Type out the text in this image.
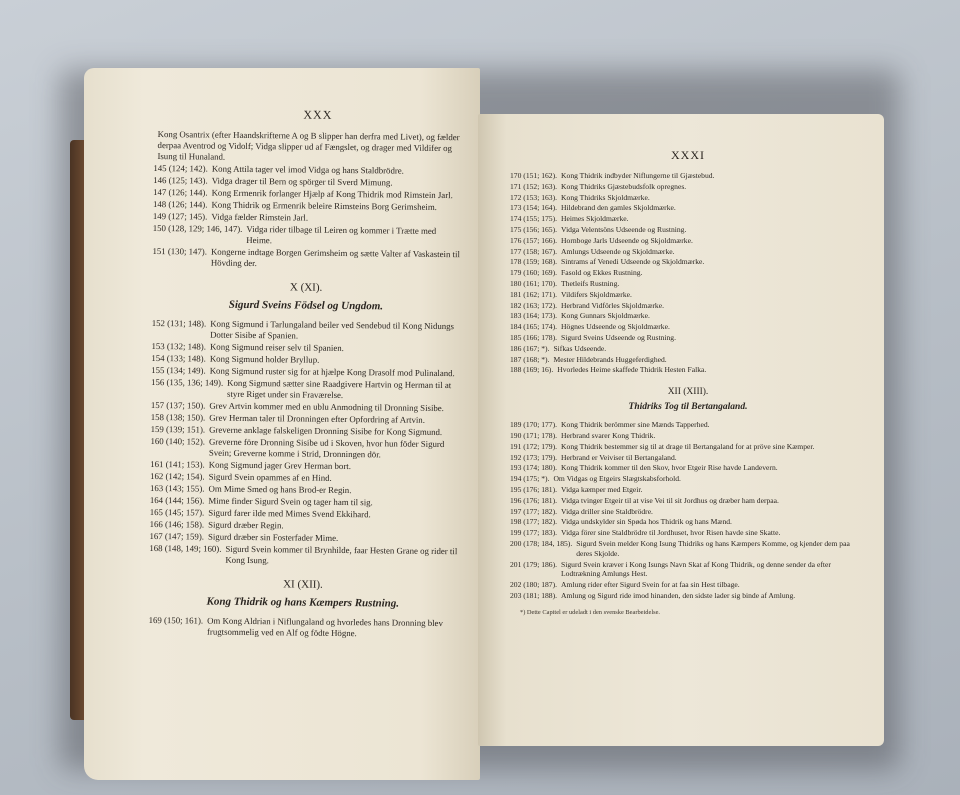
XXX
Kong Osantrix (efter Haandskrifterne A og B slipper han derfra med Livet), og fælder derpaa Aventrod og Vidolf; Vidga slipper ud af Fængslet, og drager med Vildifer og Isung til Hunaland.
145 (124; 142). Kong Attila tager vel imod Vidga og hans Staldbrödre.
146 (125; 143). Vidga drager til Bern og spörger til Sverd Mimung.
147 (126; 144). Kong Ermenrik forlanger Hjælp af Kong Thidrik mod Rimstein Jarl.
148 (126; 144). Kong Thidrik og Ermenrik beleire Rimsteins Borg Gerimsheim.
149 (127; 145). Vidga fælder Rimstein Jarl.
150 (128, 129; 146, 147). Vidga rider tilbage til Leiren og kommer i Trætte med Heime.
151 (130; 147). Kongerne indtage Borgen Gerimsheim og sætte Valter af Vaskastein til Hövding der.
X (XI).
Sigurd Sveins Födsel og Ungdom.
152 (131; 148). Kong Sigmund i Tarlungaland beiler ved Sendebud til Kong Nidungs Dotter Sisibe af Spanien.
153 (132; 148). Kong Sigmund reiser selv til Spanien.
154 (133; 148). Kong Sigmund holder Bryllup.
155 (134; 149). Kong Sigmund ruster sig for at hjælpe Kong Drasolf mod Pulinaland.
156 (135, 136; 149). Kong Sigmund sætter sine Raadgivere Hartvin og Herman til at styre Riget under sin Fraværelse.
157 (137; 150). Grev Artvin kommer med en ublu Anmodning til Dronning Sisibe.
158 (138; 150). Grev Herman taler til Dronningen efter Opfordring af Artvin.
159 (139; 151). Greverne anklage falskeligen Dronning Sisibe for Kong Sigmund.
160 (140; 152). Greverne före Dronning Sisibe ud i Skoven, hvor hun föder Sigurd Svein; Greverne komme i Strid, Dronningen dör.
161 (141; 153). Kong Sigmund jager Grev Herman bort.
162 (142; 154). Sigurd Svein opammes af en Hind.
163 (143; 155). Om Mime Smed og hans Brod-er Regin.
164 (144; 156). Mime finder Sigurd Svein og tager ham til sig.
165 (145; 157). Sigurd farer ilde med Mimes Svend Ekkihard.
166 (146; 158). Sigurd dræber Regin.
167 (147; 159). Sigurd dræber sin Fosterfader Mime.
168 (148, 149; 160). Sigurd Svein kommer til Brynhilde, faar Hesten Grane og rider til Kong Isung.
XI (XII).
Kong Thidrik og hans Kæmpers Rustning.
169 (150; 161). Om Kong Aldrian i Niflungaland og hvorledes hans Dronning blev frugtsommelig ved en Alf og födte Högne.
XXXI
170 (151; 162). Kong Thidrik indbyder Niflungerne til Gjæstebud.
171 (152; 163). Kong Thidriks Gjæstebudsfolk opregnes.
172 (153; 163). Kong Thidriks Skjoldmærke.
173 (154; 164). Hildebrand den gamles Skjoldmærke.
174 (155; 175). Heimes Skjoldmærke.
175 (156; 165). Vidga Velentsöns Udseende og Rustning.
176 (157; 166). Hornboge Jarls Udseende og Skjoldmærke.
177 (158; 167). Amlungs Udseende og Skjoldmærke.
178 (159; 168). Sintrams af Venedi Udseende og Skjoldmærke.
179 (160; 169). Fasold og Ekkes Rustning.
180 (161; 170). Thetleifs Rustning.
181 (162; 171). Vildifers Skjoldmærke.
182 (163; 172). Herbrand Vidförles Skjoldmærke.
183 (164; 173). Kong Gunnars Skjoldmærke.
184 (165; 174). Högnes Udseende og Skjoldmærke.
185 (166; 178). Sigurd Sveins Udseende og Rustning.
186 (167; *). Sifkas Udseende.
187 (168; *). Mester Hildebrands Huggeferdighed.
188 (169; 16). Hvorledes Heime skaffede Thidrik Hesten Falka.
XII (XIII).
Thidriks Tog til Bertangaland.
189 (170; 177). Kong Thidrik berömmer sine Mænds Tapperhed.
190 (171; 178). Herbrand svarer Kong Thidrik.
191 (172; 179). Kong Thidrik bestemmer sig til at drage til Bertangaland for at pröve sine Kæmper.
192 (173; 179). Herbrand er Veiviser til Bertangaland.
193 (174; 180). Kong Thidrik kommer til den Skov, hvor Etgeir Rise havde Landevern.
194 (175; *). Om Vidgas og Etgeirs Slægtskabsforhold.
195 (176; 181). Vidga kæmper med Etgeir.
196 (176; 181). Vidga tvinger Etgeir til at vise Vei til sit Jordhus og dræber ham derpaa.
197 (177; 182). Vidga driller sine Staldbrödre.
198 (177; 182). Vidga undskylder sin Spøda hos Thidrik og hans Mænd.
199 (177; 183). Vidga förer sine Staldbrödre til Jordhuset, hvor Risen havde sine Skatte.
200 (178; 184, 185). Sigurd Svein melder Kong Isung Thidriks og hans Kæmpers Komme, og kjender dem paa deres Skjolde.
201 (179; 186). Sigurd Svein kræver i Kong Isungs Navn Skat af Kong Thidrik, og denne sender da efter Lodtrækning Amlungs Hest.
202 (180; 187). Amlung rider efter Sigurd Svein for at faa sin Hest tilbage.
203 (181; 188). Amlung og Sigurd ride imod hinanden, den sidste lader sig binde af Amlung.
*) Dette Capitel er udeladt i den svenske Bearbeidelse.
